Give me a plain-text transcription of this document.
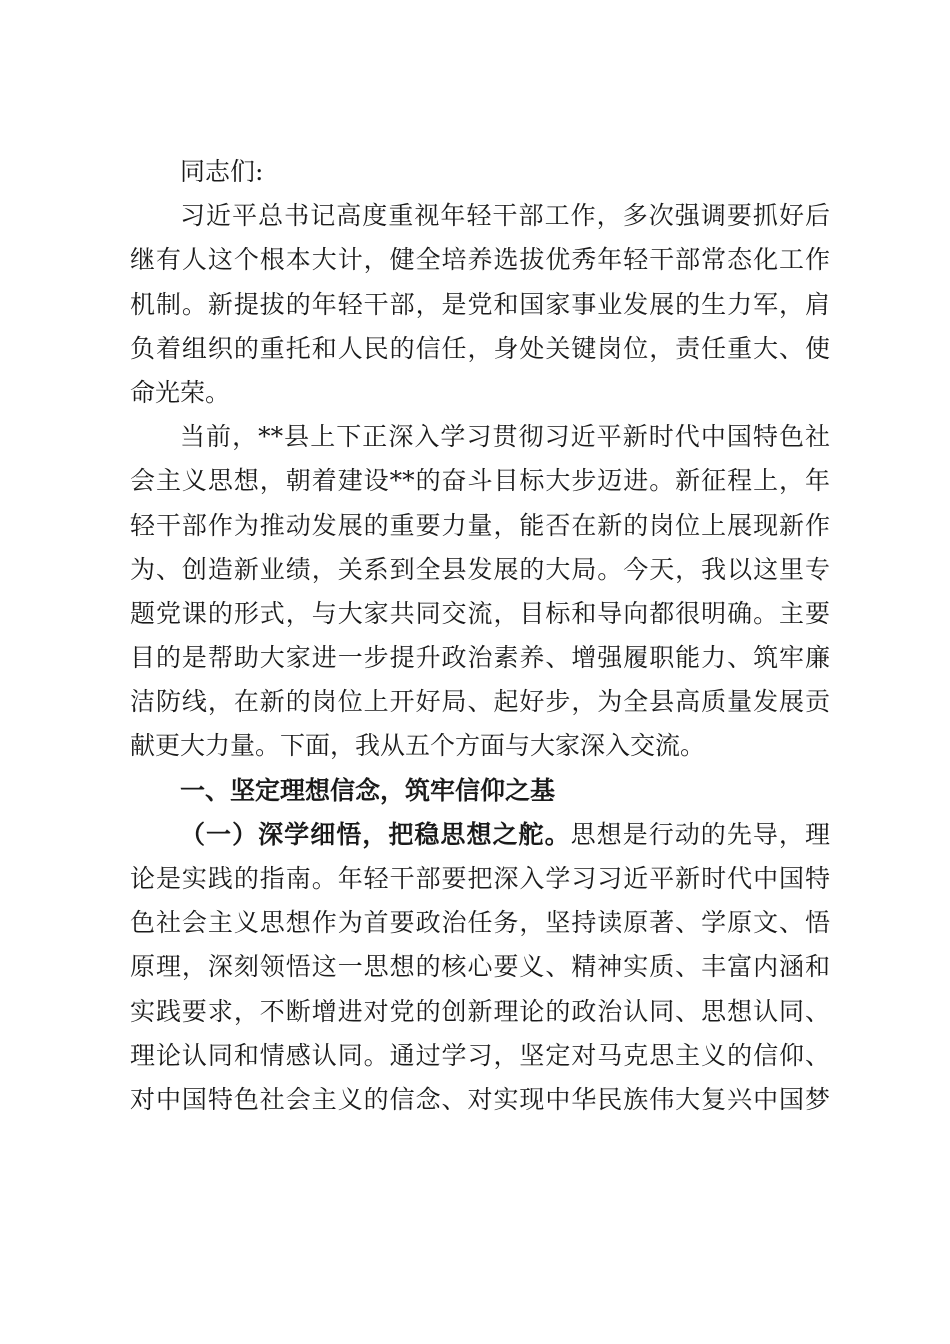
同志们:
习近平总书记高度重视年轻干部工作，多次强调要抓好后
继有人这个根本大计，健全培养选拔优秀年轻干部常态化工作
机制。新提拔的年轻干部，是党和国家事业发展的生力军，肩
负着组织的重托和人民的信任，身处关键岗位，责任重大、使
命光荣。
当前，**县上下正深入学习贯彻习近平新时代中国特色社
会主义思想，朝着建设**的奋斗目标大步迈进。新征程上，年
轻干部作为推动发展的重要力量，能否在新的岗位上展现新作
为、创造新业绩，关系到全县发展的大局。今天，我以这里专
题党课的形式，与大家共同交流，目标和导向都很明确。主要
目的是帮助大家进一步提升政治素养、增强履职能力、筑牢廉
洁防线，在新的岗位上开好局、起好步，为全县高质量发展贡
献更大力量。下面，我从五个方面与大家深入交流。
一、坚定理想信念，筑牢信仰之基
（一）深学细悟，把稳思想之舵。思想是行动的先导，理
论是实践的指南。年轻干部要把深入学习习近平新时代中国特
色社会主义思想作为首要政治任务，坚持读原著、学原文、悟
原理，深刻领悟这一思想的核心要义、精神实质、丰富内涵和
实践要求，不断增进对党的创新理论的政治认同、思想认同、
理论认同和情感认同。通过学习，坚定对马克思主义的信仰、
对中国特色社会主义的信念、对实现中华民族伟大复兴中国梦
